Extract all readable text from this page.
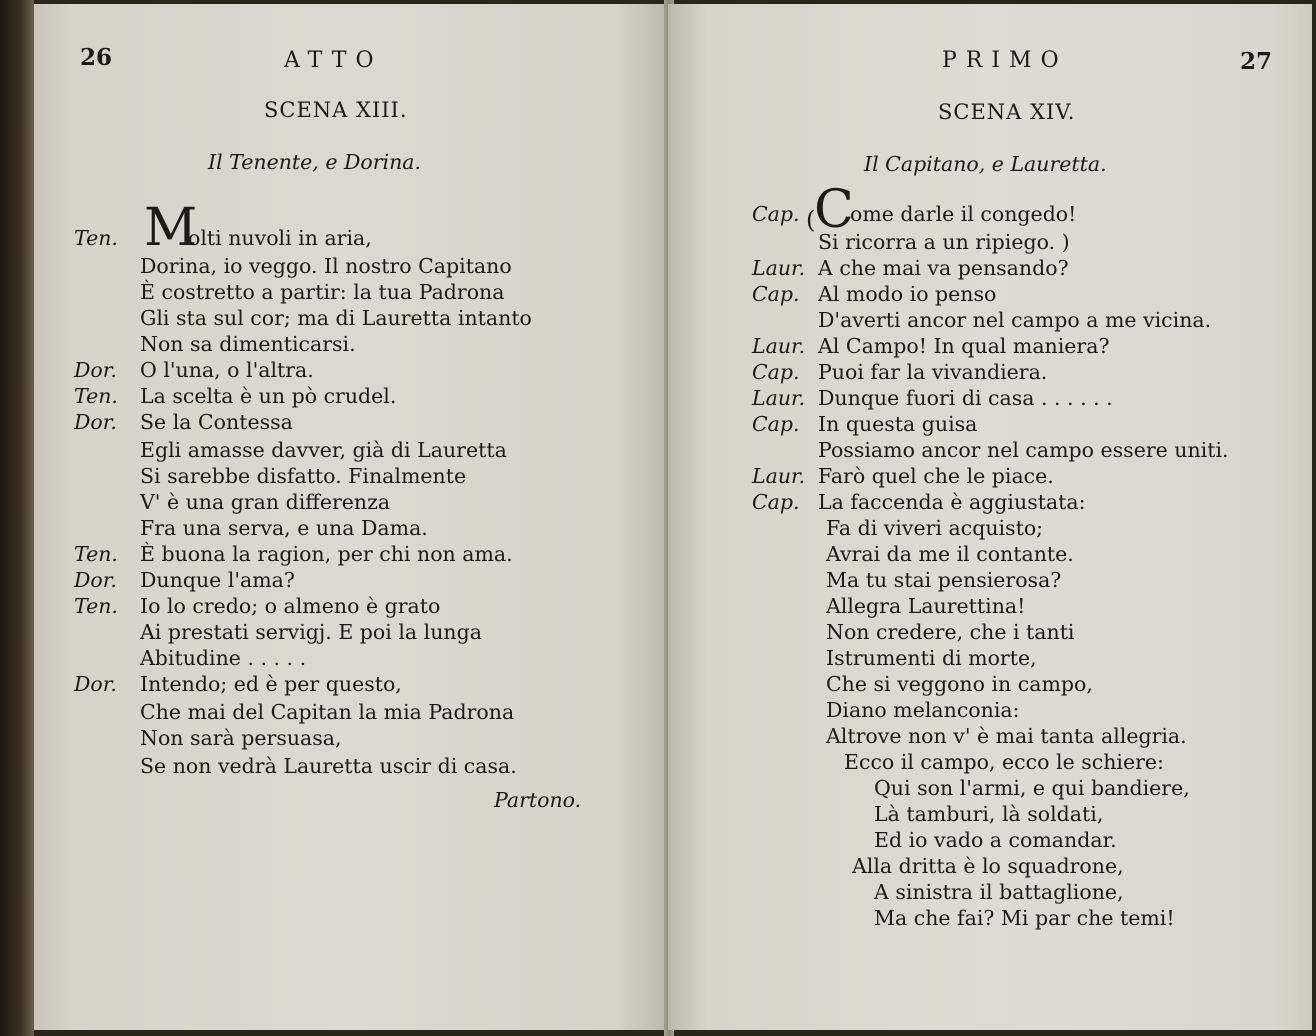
26	ATTO
SCENA XIII.
Il Tenente, e Dorina.
M
Ten.	olti nuvoli in aria,
Dorina, io veggo. Il nostro Capitano
È costretto a partir: la tua Padrona
Gli sta sul cor; ma di Lauretta intanto
Non sa dimenticarsi.
Dor. O l'una, o l'altra.
Ten. La scelta è un pò crudel.
Dor. Se la Contessa
Egli amasse davver, già di Lauretta
Si sarebbe disfatto. Finalmente
V' è una gran differenza
Fra una serva, e una Dama.
Ten. È buona la ragion, per chi non ama.
Dor. Dunque l'ama?
Ten. Io lo credo; o almeno è grato
Ai prestati servigj. E poi la lunga
Abitudine . . . . .
Dor. Intendo; ed è per questo,
Che mai del Capitan la mia Padrona
Non sarà persuasa,
Se non vedrà Lauretta uscir di casa.
Partono.
PRIMO	27
SCENA XIV.
Il Capitano, e Lauretta.
(
C
Cap. ome darle il congedo!
Si ricorra a un ripiego. )
Laur. A che mai va pensando?
Cap. Al modo io penso
D'averti ancor nel campo a me vicina.
Laur. Al Campo! In qual maniera?
Cap. Puoi far la vivandiera.
Laur. Dunque fuori di casa . . . . . .
Cap. In questa guisa
Possiamo ancor nel campo essere uniti.
Laur. Farò quel che le piace.
Cap. La faccenda è aggiustata:
Fa di viveri acquisto;
Avrai da me il contante.
Ma tu stai pensierosa?
Allegra Laurettina!
Non credere, che i tanti
Istrumenti di morte,
Che si veggono in campo,
Diano melanconia:
Altrove non v' è mai tanta allegria.
Ecco il campo, ecco le schiere:
Qui son l'armi, e qui bandiere,
Là tamburi, là soldati,
Ed io vado a comandar.
Alla dritta è lo squadrone,
A sinistra il battaglione,
Ma che fai? Mi par che temi!
